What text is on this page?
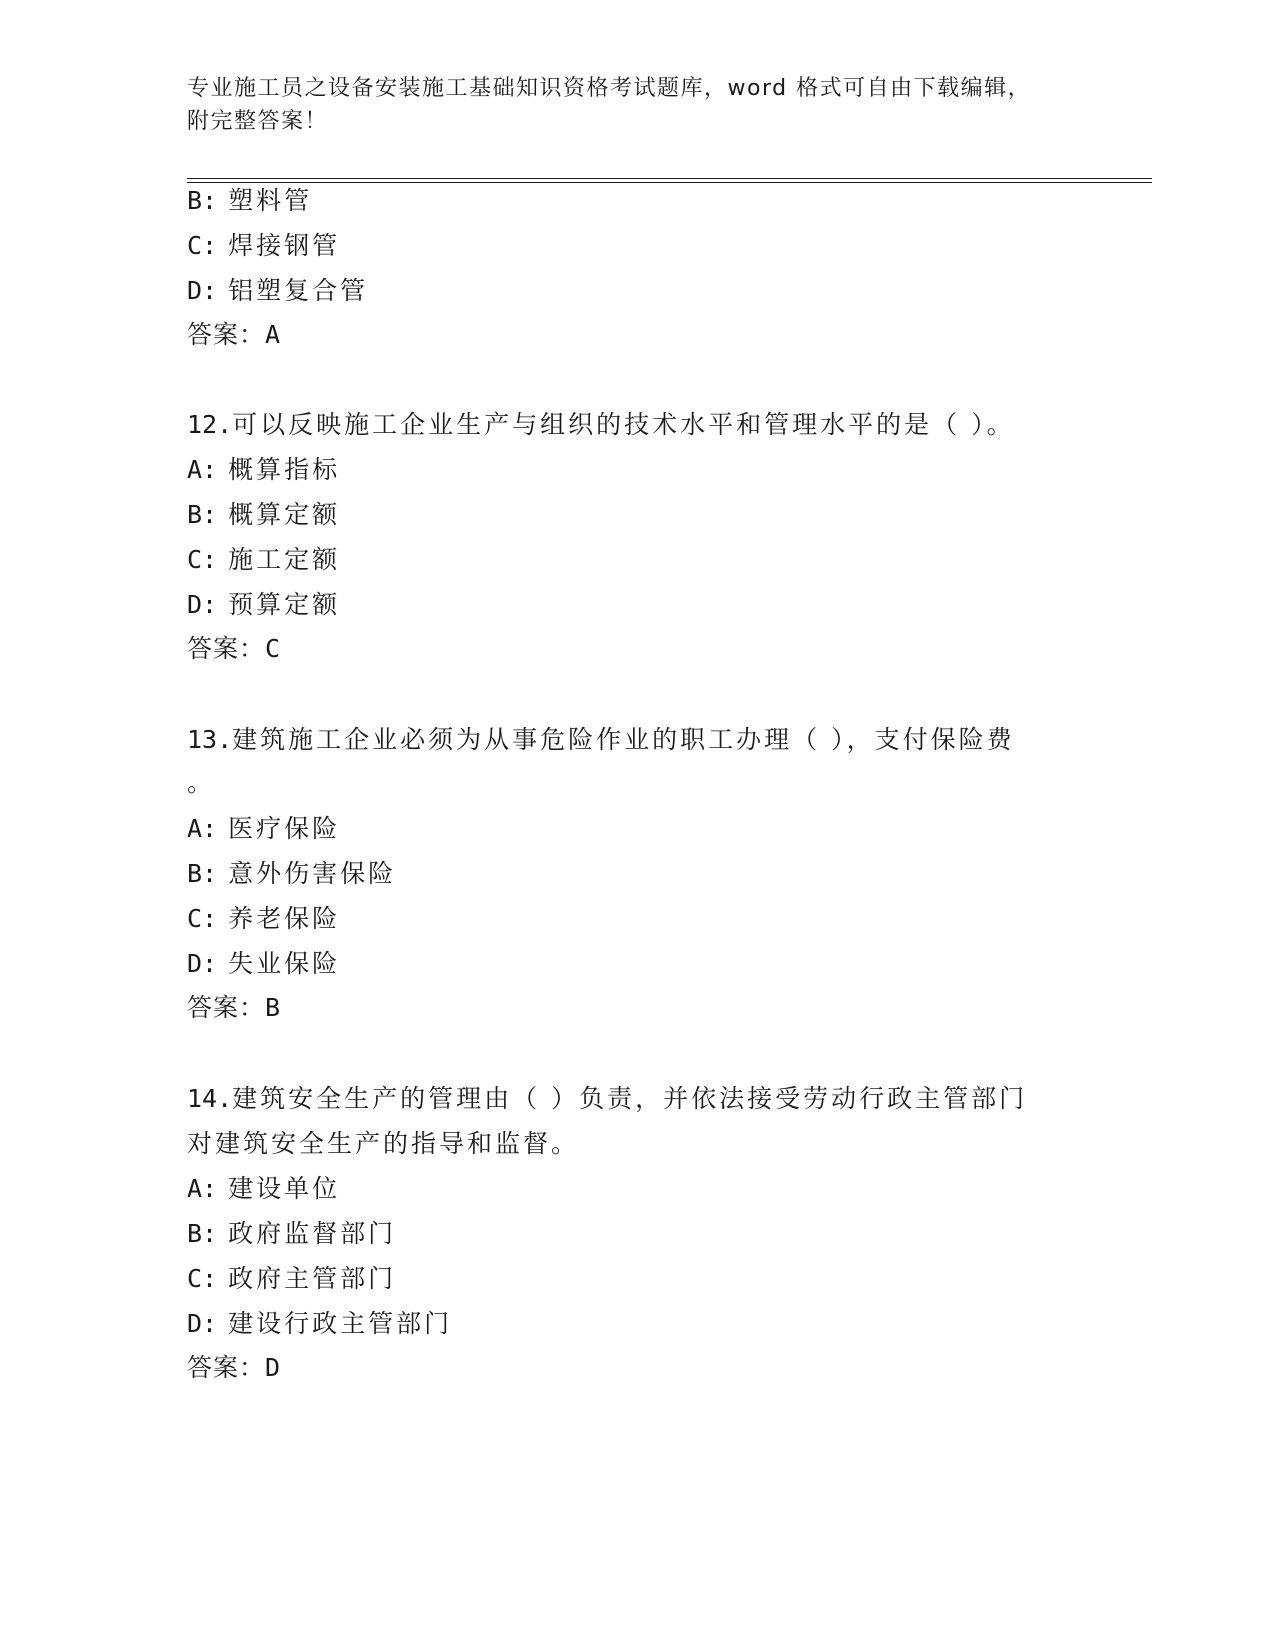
专业施工员之设备安装施工基础知识资格考试题库，word 格式可自由下载编辑，
附完整答案！
B: 塑料管
C: 焊接钢管
D: 铝塑复合管
答案：A
12.可以反映施工企业生产与组织的技术水平和管理水平的是（ ）。
A: 概算指标
B: 概算定额
C: 施工定额
D: 预算定额
答案：C
13.建筑施工企业必须为从事危险作业的职工办理（ ），支付保险费
。
A: 医疗保险
B: 意外伤害保险
C: 养老保险
D: 失业保险
答案：B
14.建筑安全生产的管理由（ ）负责，并依法接受劳动行政主管部门
对建筑安全生产的指导和监督。
A: 建设单位
B: 政府监督部门
C: 政府主管部门
D: 建设行政主管部门
答案：D
